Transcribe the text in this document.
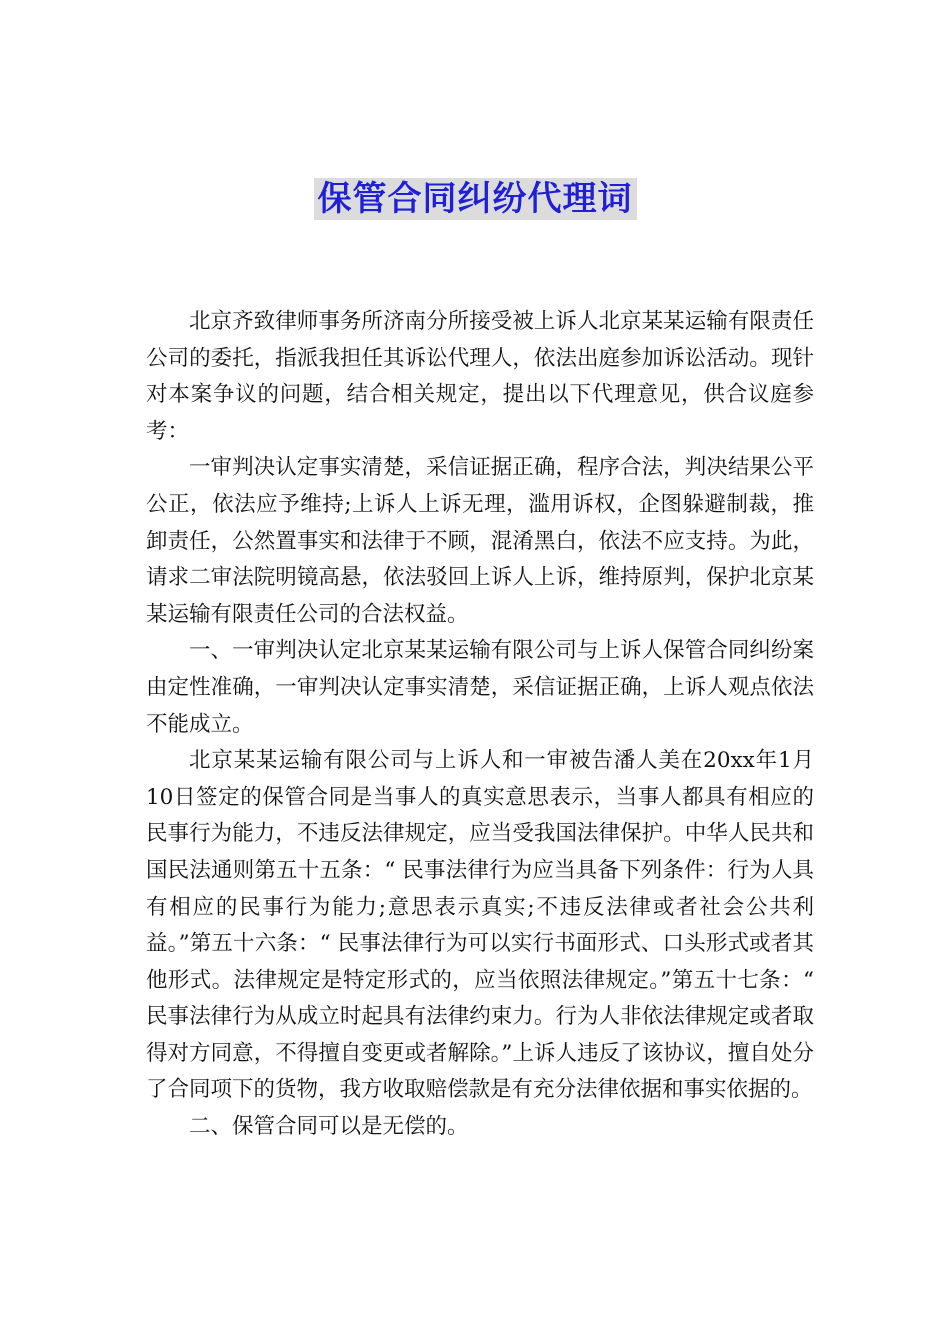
保管合同纠纷代理词

北京齐致律师事务所济南分所接受被上诉人北京某某运输有限责任公司的委托，指派我担任其诉讼代理人，依法出庭参加诉讼活动。现针对本案争议的问题，结合相关规定，提出以下代理意见，供合议庭参考：

一审判决认定事实清楚，采信证据正确，程序合法，判决结果公平公正，依法应予维持;上诉人上诉无理，滥用诉权，企图躲避制裁，推卸责任，公然置事实和法律于不顾，混淆黑白，依法不应支持。为此，请求二审法院明镜高悬，依法驳回上诉人上诉，维持原判，保护北京某某运输有限责任公司的合法权益。

一、一审判决认定北京某某运输有限公司与上诉人保管合同纠纷案由定性准确，一审判决认定事实清楚，采信证据正确，上诉人观点依法不能成立。

北京某某运输有限公司与上诉人和一审被告潘人美在20xx年1月10日签定的保管合同是当事人的真实意思表示，当事人都具有相应的民事行为能力，不违反法律规定，应当受我国法律保护。中华人民共和国民法通则第五十五条：“ 民事法律行为应当具备下列条件：行为人具有相应的民事行为能力;意思表示真实;不违反法律或者社会公共利益。”第五十六条：“ 民事法律行为可以实行书面形式、口头形式或者其他形式。法律规定是特定形式的，应当依照法律规定。”第五十七条：“ 民事法律行为从成立时起具有法律约束力。行为人非依法律规定或者取得对方同意，不得擅自变更或者解除。”上诉人违反了该协议，擅自处分了合同项下的货物，我方收取赔偿款是有充分法律依据和事实依据的。

二、保管合同可以是无偿的。
